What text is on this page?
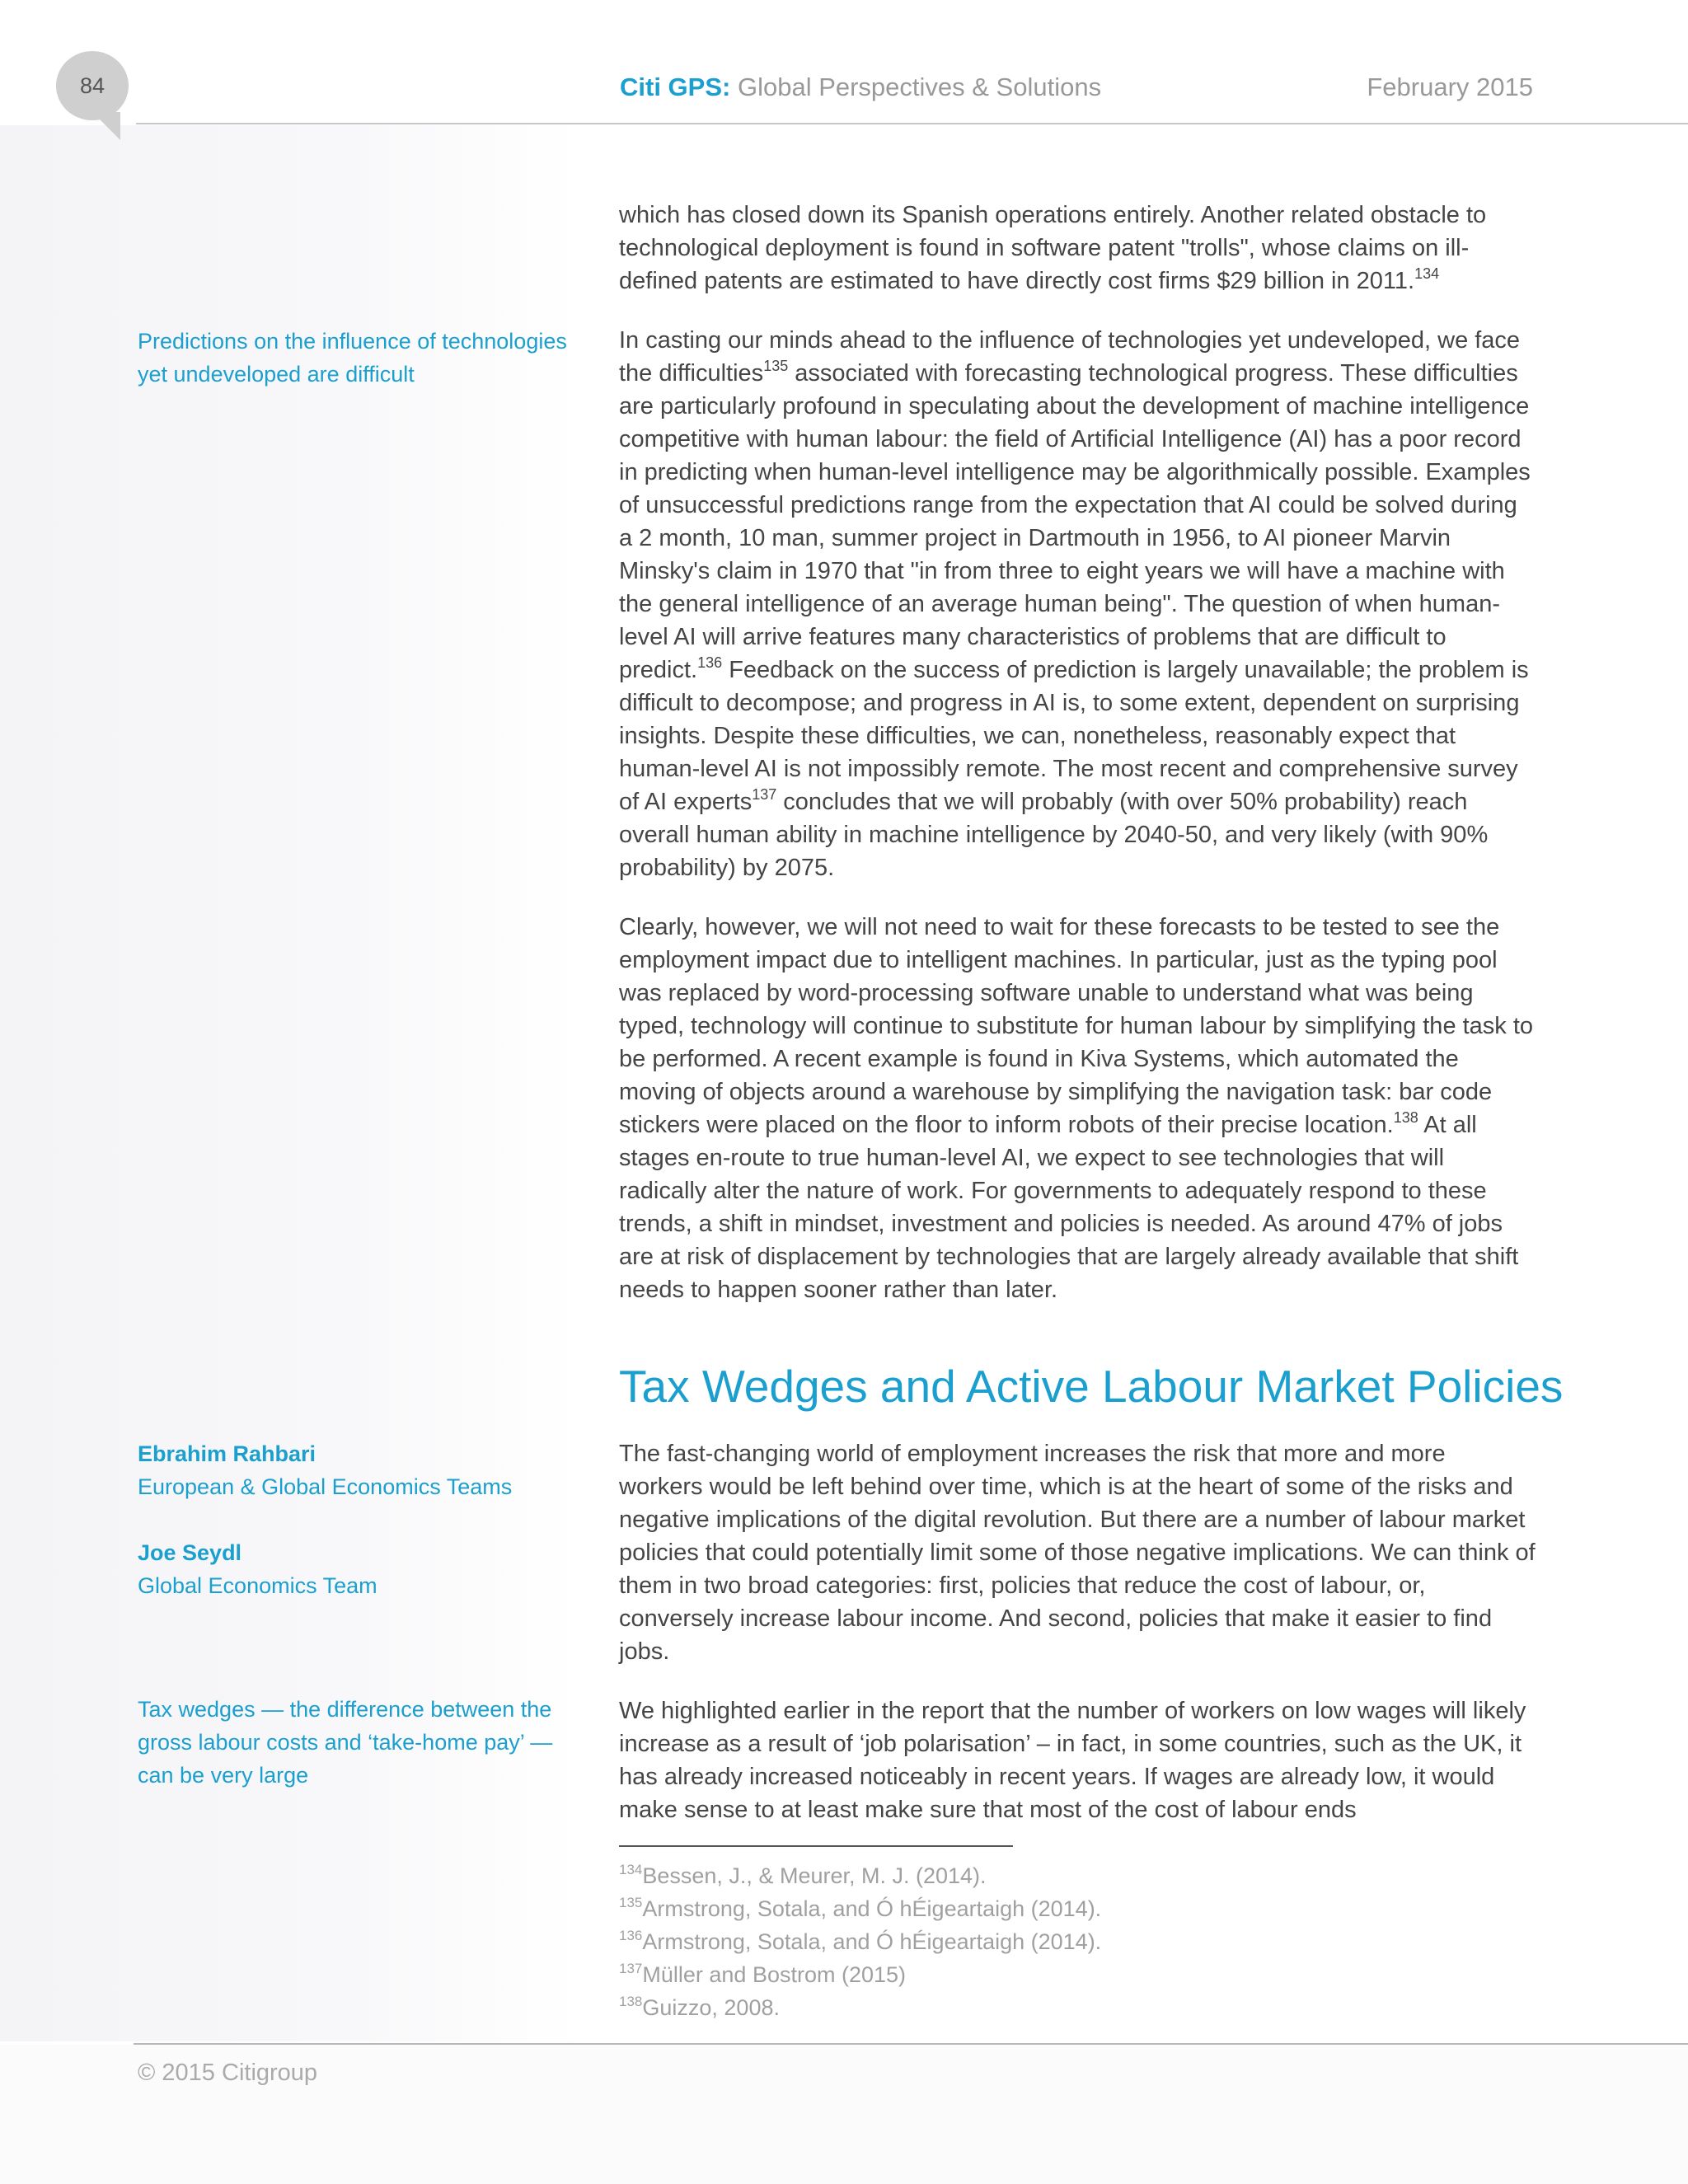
84	Citi GPS: Global Perspectives & Solutions	February 2015
Predictions on the influence of technologies yet undeveloped are difficult
Ebrahim Rahbari
European & Global Economics Teams
Joe Seydl
Global Economics Team
Tax wedges — the difference between the gross labour costs and ‘take-home pay’ — can be very large

which has closed down its Spanish operations entirely. Another related obstacle to technological deployment is found in software patent "trolls", whose claims on ill-defined patents are estimated to have directly cost firms $29 billion in 2011.$^{134}$

In casting our minds ahead to the influence of technologies yet undeveloped, we face the difficulties$^{135}$ associated with forecasting technological progress. These difficulties are particularly profound in speculating about the development of machine intelligence competitive with human labour: the field of Artificial Intelligence (AI) has a poor record in predicting when human-level intelligence may be algorithmically possible. Examples of unsuccessful predictions range from the expectation that AI could be solved during a 2 month, 10 man, summer project in Dartmouth in 1956, to AI pioneer Marvin Minsky's claim in 1970 that "in from three to eight years we will have a machine with the general intelligence of an average human being". The question of when human-level AI will arrive features many characteristics of problems that are difficult to predict.$^{136}$ Feedback on the success of prediction is largely unavailable; the problem is difficult to decompose; and progress in AI is, to some extent, dependent on surprising insights. Despite these difficulties, we can, nonetheless, reasonably expect that human-level AI is not impossibly remote. The most recent and comprehensive survey of AI experts$^{137}$ concludes that we will probably (with over 50% probability) reach overall human ability in machine intelligence by 2040-50, and very likely (with 90% probability) by 2075.

Clearly, however, we will not need to wait for these forecasts to be tested to see the employment impact due to intelligent machines. In particular, just as the typing pool was replaced by word-processing software unable to understand what was being typed, technology will continue to substitute for human labour by simplifying the task to be performed. A recent example is found in Kiva Systems, which automated the moving of objects around a warehouse by simplifying the navigation task: bar code stickers were placed on the floor to inform robots of their precise location.$^{138}$ At all stages en-route to true human-level AI, we expect to see technologies that will radically alter the nature of work. For governments to adequately respond to these trends, a shift in mindset, investment and policies is needed. As around 47% of jobs are at risk of displacement by technologies that are largely already available that shift needs to happen sooner rather than later.

Tax Wedges and Active Labour Market Policies

The fast-changing world of employment increases the risk that more and more workers would be left behind over time, which is at the heart of some of the risks and negative implications of the digital revolution. But there are a number of labour market policies that could potentially limit some of those negative implications. We can think of them in two broad categories: first, policies that reduce the cost of labour, or, conversely increase labour income. And second, policies that make it easier to find jobs.

We highlighted earlier in the report that the number of workers on low wages will likely increase as a result of ‘job polarisation’ – in fact, in some countries, such as the UK, it has already increased noticeably in recent years. If wages are already low, it would make sense to at least make sure that most of the cost of labour ends

$^{134}$Bessen, J., & Meurer, M. J. (2014).
$^{135}$Armstrong, Sotala, and Ó hÉigeartaigh (2014).
$^{136}$Armstrong, Sotala, and Ó hÉigeartaigh (2014).
$^{137}$Müller and Bostrom (2015)
$^{138}$Guizzo, 2008.
© 2015 Citigroup
